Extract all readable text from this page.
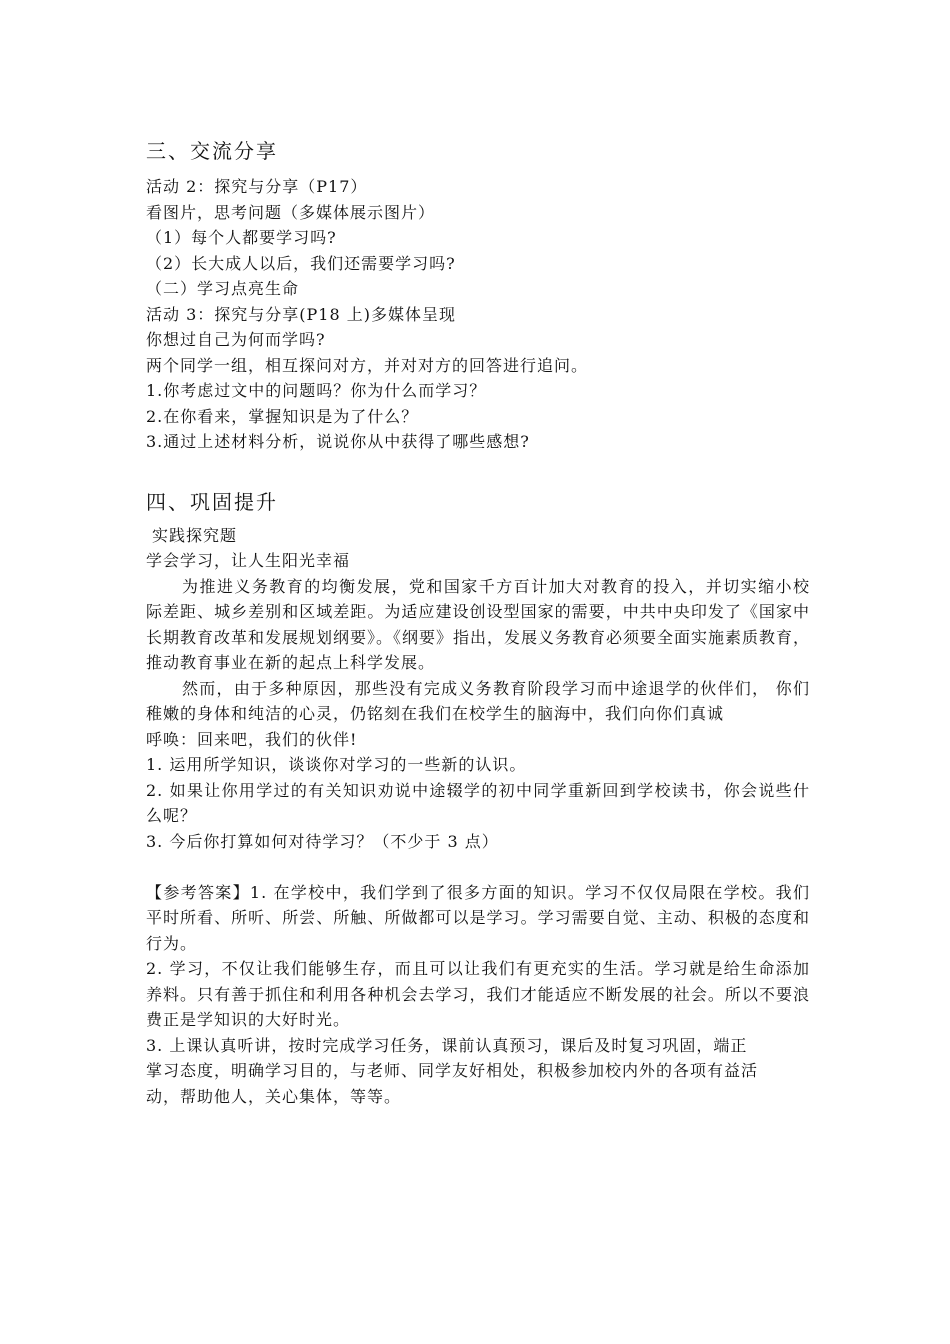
三、交流分享

活动 2：探究与分享（P17）

看图片，思考问题（多媒体展示图片）

（1）每个人都要学习吗?

（2）长大成人以后，我们还需要学习吗?

（二）学习点亮生命

活动 3：探究与分享(P18 上)多媒体呈现

你想过自己为何而学吗?

两个同学一组，相互探问对方，并对对方的回答进行追问。

1.你考虑过文中的问题吗？你为什么而学习？

2.在你看来，掌握知识是为了什么？

3.通过上述材料分析，说说你从中获得了哪些感想?

四、巩固提升

实践探究题

学会学习，让人生阳光幸福

为推进义务教育的均衡发展，党和国家千方百计加大对教育的投入，并切实缩小校际差距、城乡差别和区域差距。为适应建设创设型国家的需要，中共中央印发了《国家中长期教育改革和发展规划纲要》。《纲要》指出，发展义务教育必须要全面实施素质教育，推动教育事业在新的起点上科学发展。

然而，由于多种原因，那些没有完成义务教育阶段学习而中途退学的伙伴们， 你们稚嫩的身体和纯洁的心灵，仍铭刻在我们在校学生的脑海中，我们向你们真诚

呼唤：回来吧，我们的伙伴!

1. 运用所学知识，谈谈你对学习的一些新的认识。

2. 如果让你用学过的有关知识劝说中途辍学的初中同学重新回到学校读书，你会说些什么呢？

3. 今后你打算如何对待学习？（不少于 3 点）

【参考答案】1. 在学校中，我们学到了很多方面的知识。学习不仅仅局限在学校。我们平时所看、所听、所尝、所触、所做都可以是学习。学习需要自觉、主动、积极的态度和行为。

2. 学习，不仅让我们能够生存，而且可以让我们有更充实的生活。学习就是给生命添加养料。只有善于抓住和利用各种机会去学习，我们才能适应不断发展的社会。所以不要浪费正是学知识的大好时光。

3. 上课认真听讲，按时完成学习任务，课前认真预习，课后及时复习巩固，端正

掌习态度，明确学习目的，与老师、同学友好相处，积极参加校内外的各项有益活

动，帮助他人，关心集体，等等。
